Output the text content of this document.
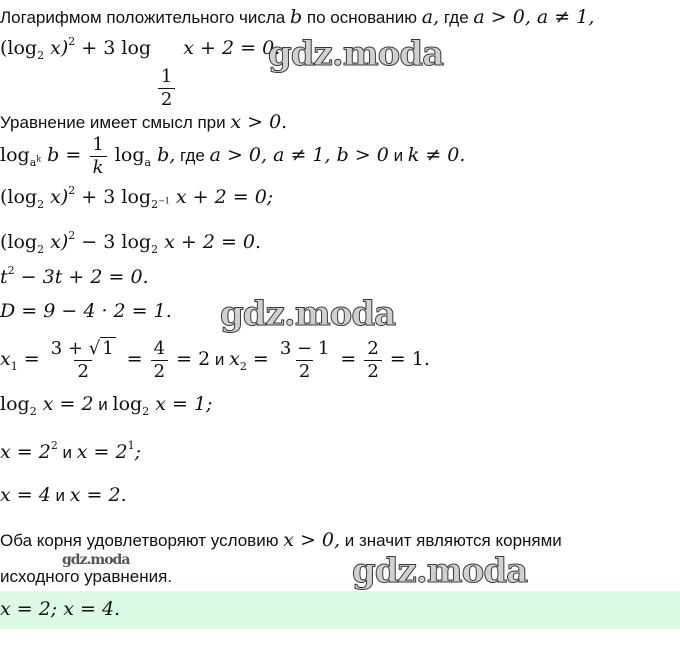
Логарифмом положительного числа b по основанию a, где a > 0, a ≠ 1,
($\log_2$ x)$^2$ + 3 log
$\frac{1}{2}$
x + 2 = 0.
gdz.moda
Уравнение имеет смысл при x > 0.
$\log_{a^k} b = \frac{1}{k} \log_a b$, где a > 0, a ≠ 1, b > 0 и k ≠ 0.
($\log_2$ x)$^2$ + 3 $\log_{2^{-1}} x + 2 = 0$;
($\log_2$ x)$^2$ − 3 $\log_2 x + 2 = 0$.
$t^2 - 3t + 2 = 0$.
D = 9 − 4 · 2 = 1. gdz.moda
$x_1 = \frac{3 + √ 1}{2} = \frac{4}{2} = 2$ и $x_2 = \frac{3 - 1}{2} = \frac{2}{2} = 1$.
$\log_2 x = 2$ и $\log_2 x = 1$;
$x = 2^2$ и $x = 2^1$;
x = 4 и x = 2.
Оба корня удовлетворяют условию x > 0, и значит являются корнями
gdz.moda
исходного уравнения.	gdz.moda
x = 2; x = 4.
